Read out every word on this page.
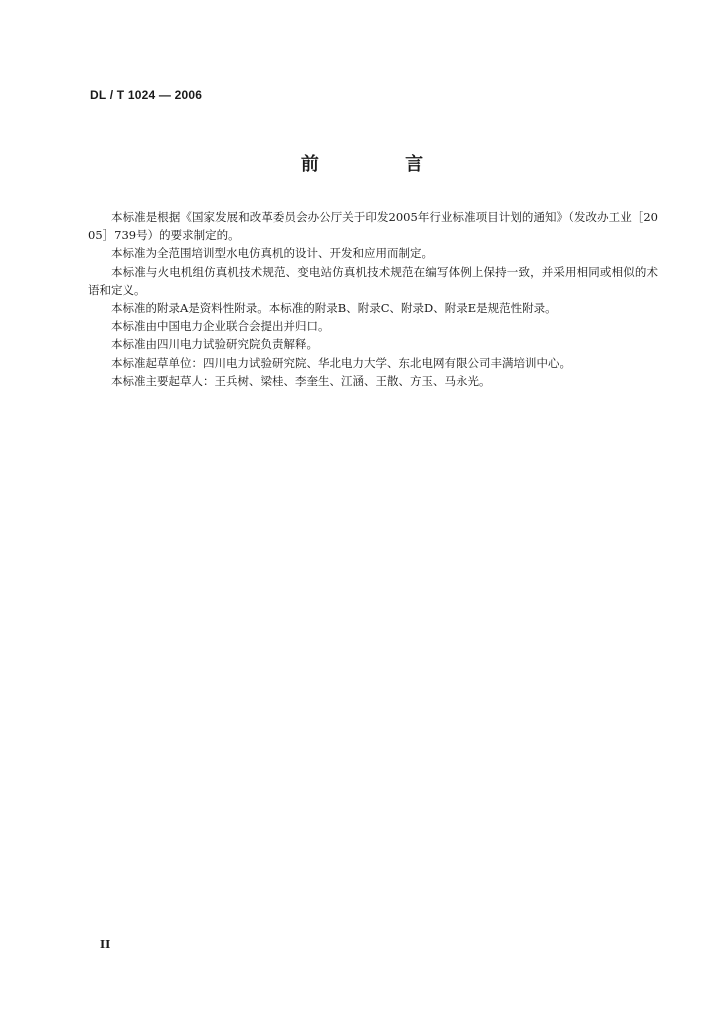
DL / T 1024 — 2006
前 言

本标准是根据《国家发展和改革委员会办公厅关于印发2005年行业标准项目计划的通知》（发改办工业［2005］739号）的要求制定的。

本标准为全范围培训型水电仿真机的设计、开发和应用而制定。

本标准与火电机组仿真机技术规范、变电站仿真机技术规范在编写体例上保持一致，并采用相同或相似的术语和定义。

本标准的附录A是资料性附录。本标准的附录B、附录C、附录D、附录E是规范性附录。

本标准由中国电力企业联合会提出并归口。

本标准由四川电力试验研究院负责解释。

本标准起草单位：四川电力试验研究院、华北电力大学、东北电网有限公司丰满培训中心。

本标准主要起草人：王兵树、梁桂、李奎生、江涵、王散、方玉、马永光。

II
